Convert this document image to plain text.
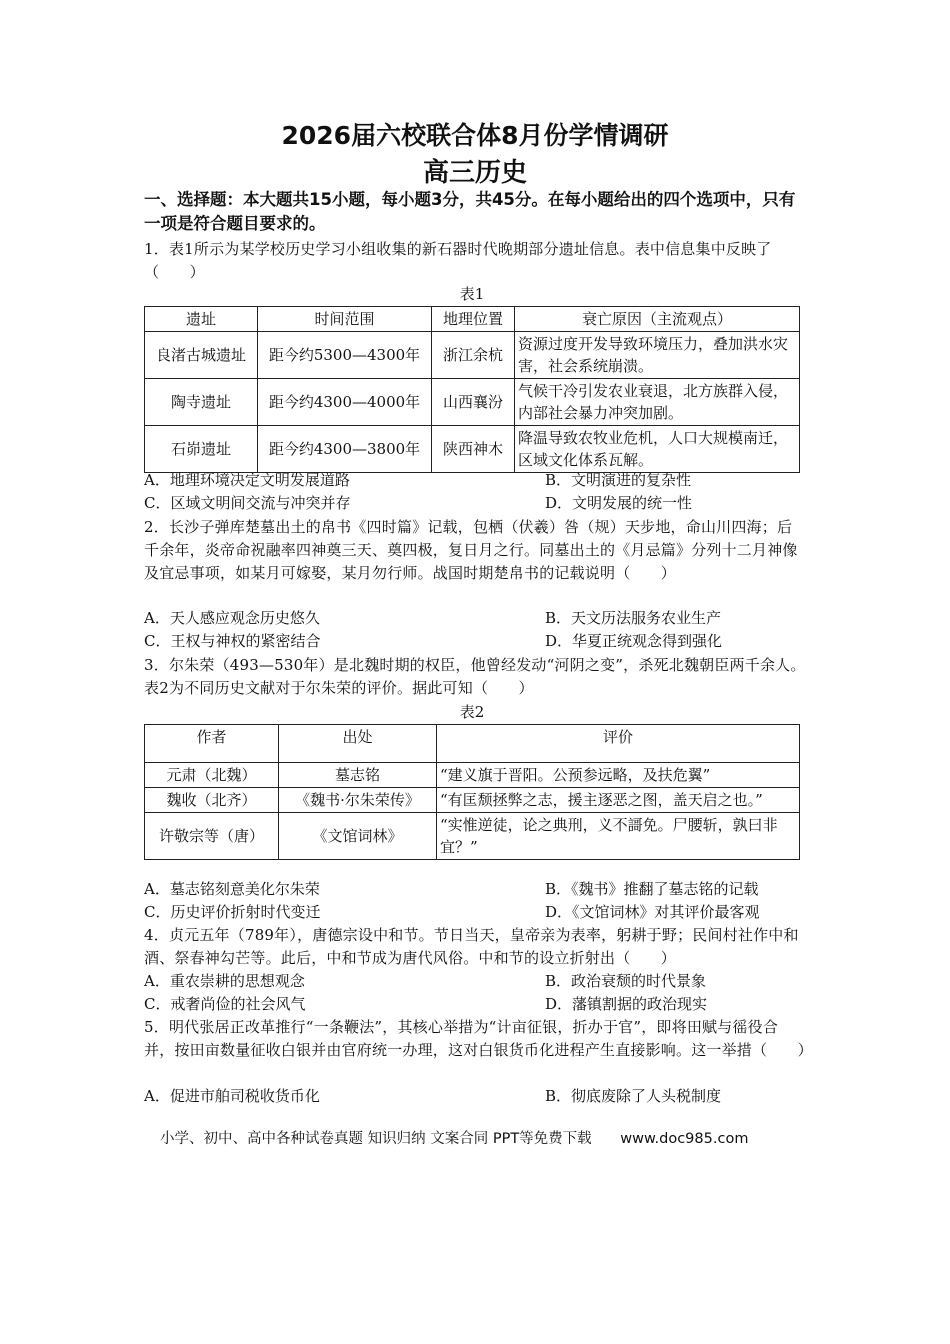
2026届六校联合体8月份学情调研
高三历史
一、选择题：本大题共15小题，每小题3分，共45分。在每小题给出的四个选项中，只有一项是符合题目要求的。
1．表1所示为某学校历史学习小组收集的新石器时代晚期部分遗址信息。表中信息集中反映了（　　）
表1
遗址	时间范围	地理位置	衰亡原因（主流观点）
良渚古城遗址	距今约5300—4300年	浙江余杭	资源过度开发导致环境压力，叠加洪水灾害，社会系统崩溃。
陶寺遗址	距今约4300—4000年	山西襄汾	气候干冷引发农业衰退，北方族群入侵，内部社会暴力冲突加剧。
石峁遗址	距今约4300—3800年	陕西神木	降温导致农牧业危机，人口大规模南迁，区域文化体系瓦解。
A．地理环境决定文明发展道路	B．文明演进的复杂性
C．区域文明间交流与冲突并存	D．文明发展的统一性
2．长沙子弹库楚墓出土的帛书《四时篇》记载，包栖（伏羲）咎（规）天步地，命山川四海；后千余年，炎帝命祝融率四神奠三天、奠四极，复日月之行。同墓出土的《月忌篇》分列十二月神像及宜忌事项，如某月可嫁娶，某月勿行师。战国时期楚帛书的记载说明（　　）
A．天人感应观念历史悠久	B．天文历法服务农业生产
C．王权与神权的紧密结合	D．华夏正统观念得到强化
3．尔朱荣（493—530年）是北魏时期的权臣，他曾经发动“河阴之变”，杀死北魏朝臣两千余人。表2为不同历史文献对于尔朱荣的评价。据此可知（　　）
表2
作者	出处	评价
元肃（北魏）	墓志铭	“建义旗于晋阳。公预参远略，及扶危翼”
魏收（北齐）	《魏书·尔朱荣传》	“有匡颓拯弊之志，援主逐恶之图，盖天启之也。”
许敬宗等（唐）	《文馆词林》	“实惟逆徒，论之典刑，义不謌免。尸腰斩，孰曰非宜？”
A．墓志铭刻意美化尔朱荣	B．《魏书》推翻了墓志铭的记载
C．历史评价折射时代变迁	D．《文馆词林》对其评价最客观
4．贞元五年（789年），唐德宗设中和节。节日当天，皇帝亲为表率，躬耕于野；民间村社作中和酒、祭春神勾芒等。此后，中和节成为唐代风俗。中和节的设立折射出（　　）
A．重农崇耕的思想观念	B．政治衰颓的时代景象
C．戒奢尚俭的社会风气	D．藩镇割据的政治现实
5．明代张居正改革推行“一条鞭法”，其核心举措为“计亩征银，折办于官”，即将田赋与徭役合并，按田亩数量征收白银并由官府统一办理，这对白银货币化进程产生直接影响。这一举措（　　）
A．促进市舶司税收货币化	B．彻底废除了人头税制度
小学、初中、高中各种试卷真题 知识归纳 文案合同 PPT等免费下载 www.doc985.com
